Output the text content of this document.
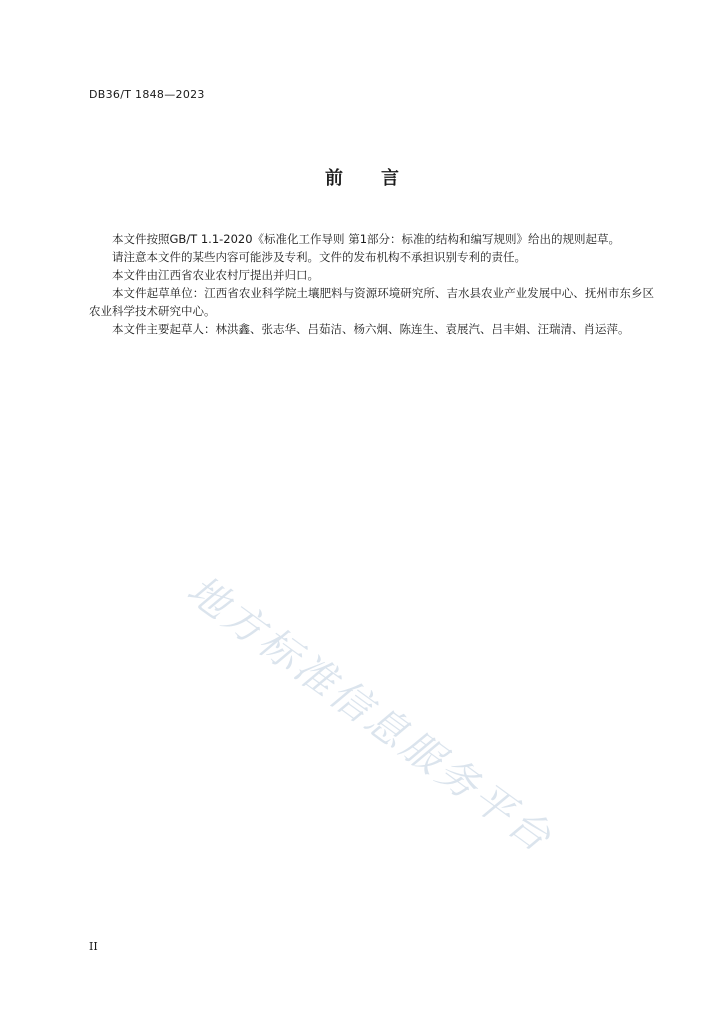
DB36/T 1848—2023
前 言

本文件按照GB/T 1.1-2020《标准化工作导则 第1部分：标准的结构和编写规则》给出的规则起草。

请注意本文件的某些内容可能涉及专利。文件的发布机构不承担识别专利的责任。

本文件由江西省农业农村厅提出并归口。

本文件起草单位：江西省农业科学院土壤肥料与资源环境研究所、吉水县农业产业发展中心、抚州市东乡区农业科学技术研究中心。

本文件主要起草人：林洪鑫、张志华、吕茹洁、杨六炯、陈连生、袁展汽、吕丰娟、汪瑞清、肖运萍。

地方标准信息服务平台
II
